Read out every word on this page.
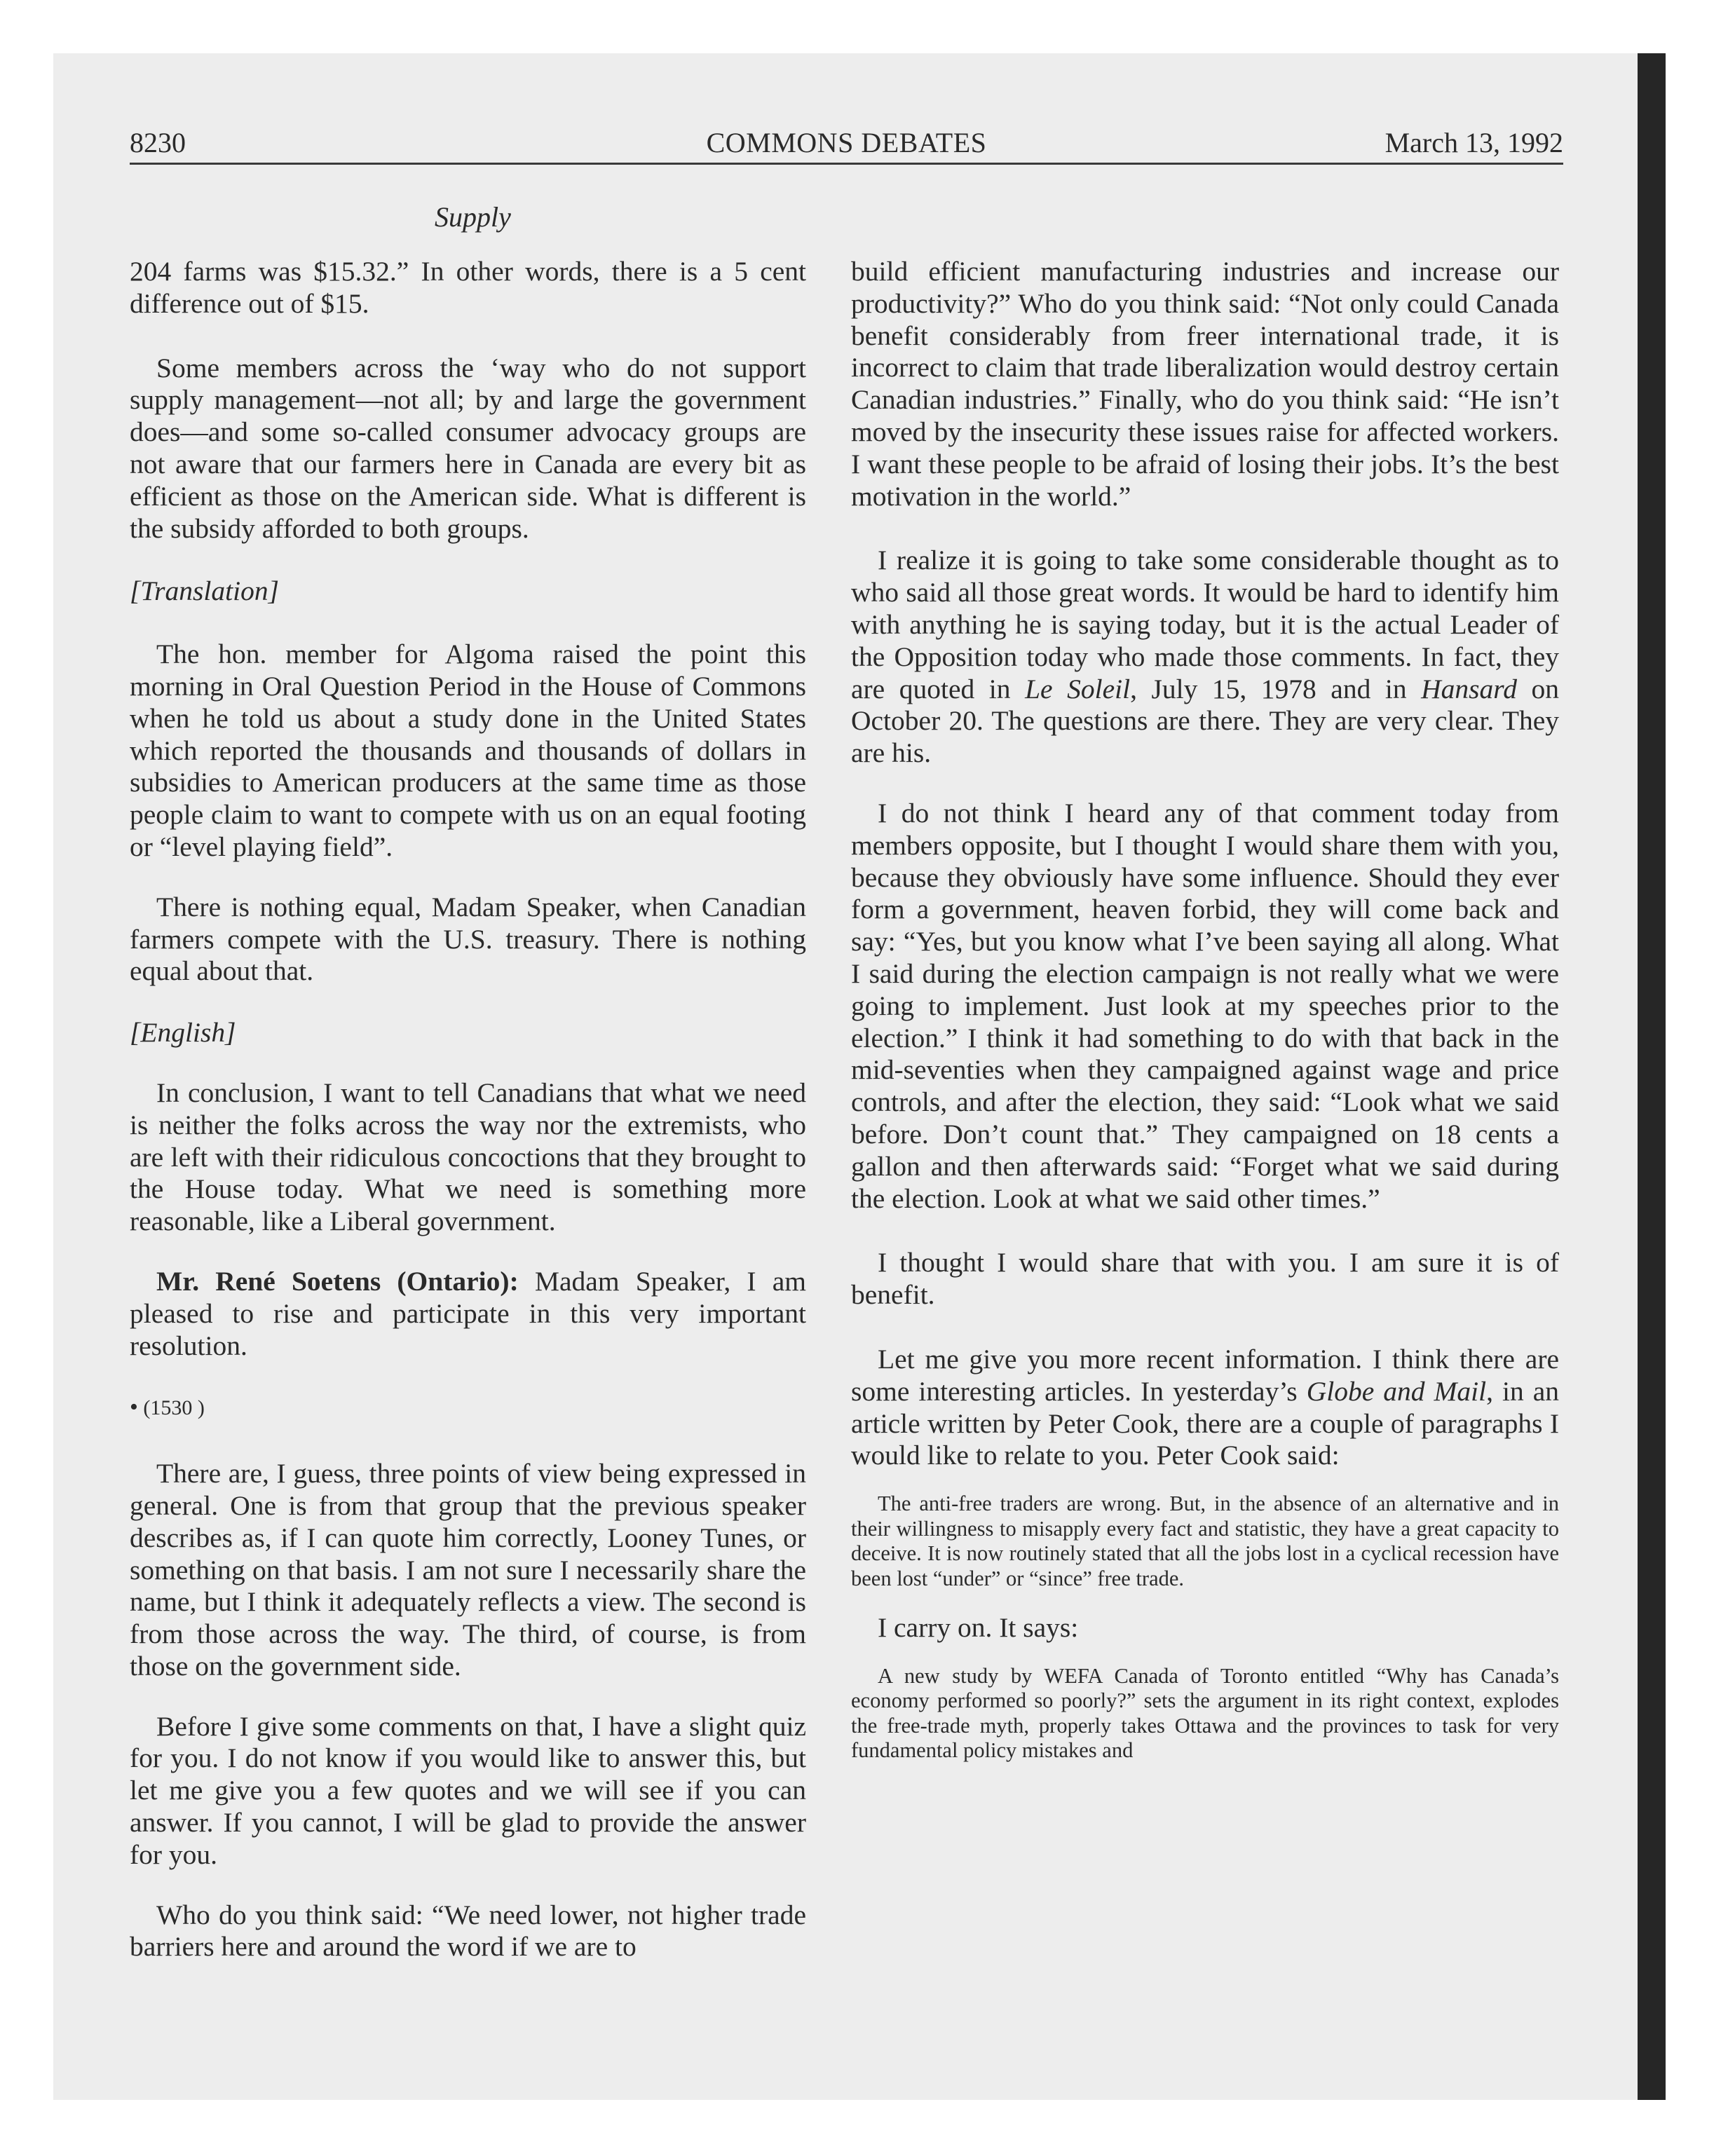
8230	COMMONS DEBATES	March 13, 1992
Supply

204 farms was $15.32.” In other words, there is a 5 cent difference out of $15.

Some members across the ‘way who do not support supply management—not all; by and large the government does—and some so-called consumer advocacy groups are not aware that our farmers here in Canada are every bit as efficient as those on the American side. What is different is the subsidy afforded to both groups.

[Translation]

The hon. member for Algoma raised the point this morning in Oral Question Period in the House of Commons when he told us about a study done in the United States which reported the thousands and thousands of dollars in subsidies to American producers at the same time as those people claim to want to compete with us on an equal footing or “level playing field”.

There is nothing equal, Madam Speaker, when Canadian farmers compete with the U.S. treasury. There is nothing equal about that.

[English]

In conclusion, I want to tell Canadians that what we need is neither the folks across the way nor the extremists, who are left with their ridiculous concoctions that they brought to the House today. What we need is something more reasonable, like a Liberal government.

Mr. René Soetens (Ontario): Madam Speaker, I am pleased to rise and participate in this very important resolution.

• (1530 )

There are, I guess, three points of view being expressed in general. One is from that group that the previous speaker describes as, if I can quote him correctly, Looney Tunes, or something on that basis. I am not sure I necessarily share the name, but I think it adequately reflects a view. The second is from those across the way. The third, of course, is from those on the government side.

Before I give some comments on that, I have a slight quiz for you. I do not know if you would like to answer this, but let me give you a few quotes and we will see if you can answer. If you cannot, I will be glad to provide the answer for you.

Who do you think said: “We need lower, not higher trade barriers here and around the word if we are to

build efficient manufacturing industries and increase our productivity?” Who do you think said: “Not only could Canada benefit considerably from freer international trade, it is incorrect to claim that trade liberalization would destroy certain Canadian industries.” Finally, who do you think said: “He isn’t moved by the insecurity these issues raise for affected workers. I want these people to be afraid of losing their jobs. It’s the best motivation in the world.”

I realize it is going to take some considerable thought as to who said all those great words. It would be hard to identify him with anything he is saying today, but it is the actual Leader of the Opposition today who made those comments. In fact, they are quoted in Le Soleil, July 15, 1978 and in Hansard on October 20. The questions are there. They are very clear. They are his.

I do not think I heard any of that comment today from members opposite, but I thought I would share them with you, because they obviously have some influence. Should they ever form a government, heaven forbid, they will come back and say: “Yes, but you know what I’ve been saying all along. What I said during the election campaign is not really what we were going to implement. Just look at my speeches prior to the election.” I think it had something to do with that back in the mid-seventies when they campaigned against wage and price controls, and after the election, they said: “Look what we said before. Don’t count that.” They campaigned on 18 cents a gallon and then afterwards said: “Forget what we said during the election. Look at what we said other times.”

I thought I would share that with you. I am sure it is of benefit.

Let me give you more recent information. I think there are some interesting articles. In yesterday’s Globe and Mail, in an article written by Peter Cook, there are a couple of paragraphs I would like to relate to you. Peter Cook said:

The anti-free traders are wrong. But, in the absence of an alternative and in their willingness to misapply every fact and statistic, they have a great capacity to deceive. It is now routinely stated that all the jobs lost in a cyclical recession have been lost “under” or “since” free trade.

I carry on. It says:

A new study by WEFA Canada of Toronto entitled “Why has Canada’s economy performed so poorly?” sets the argument in its right context, explodes the free-trade myth, properly takes Ottawa and the provinces to task for very fundamental policy mistakes and
